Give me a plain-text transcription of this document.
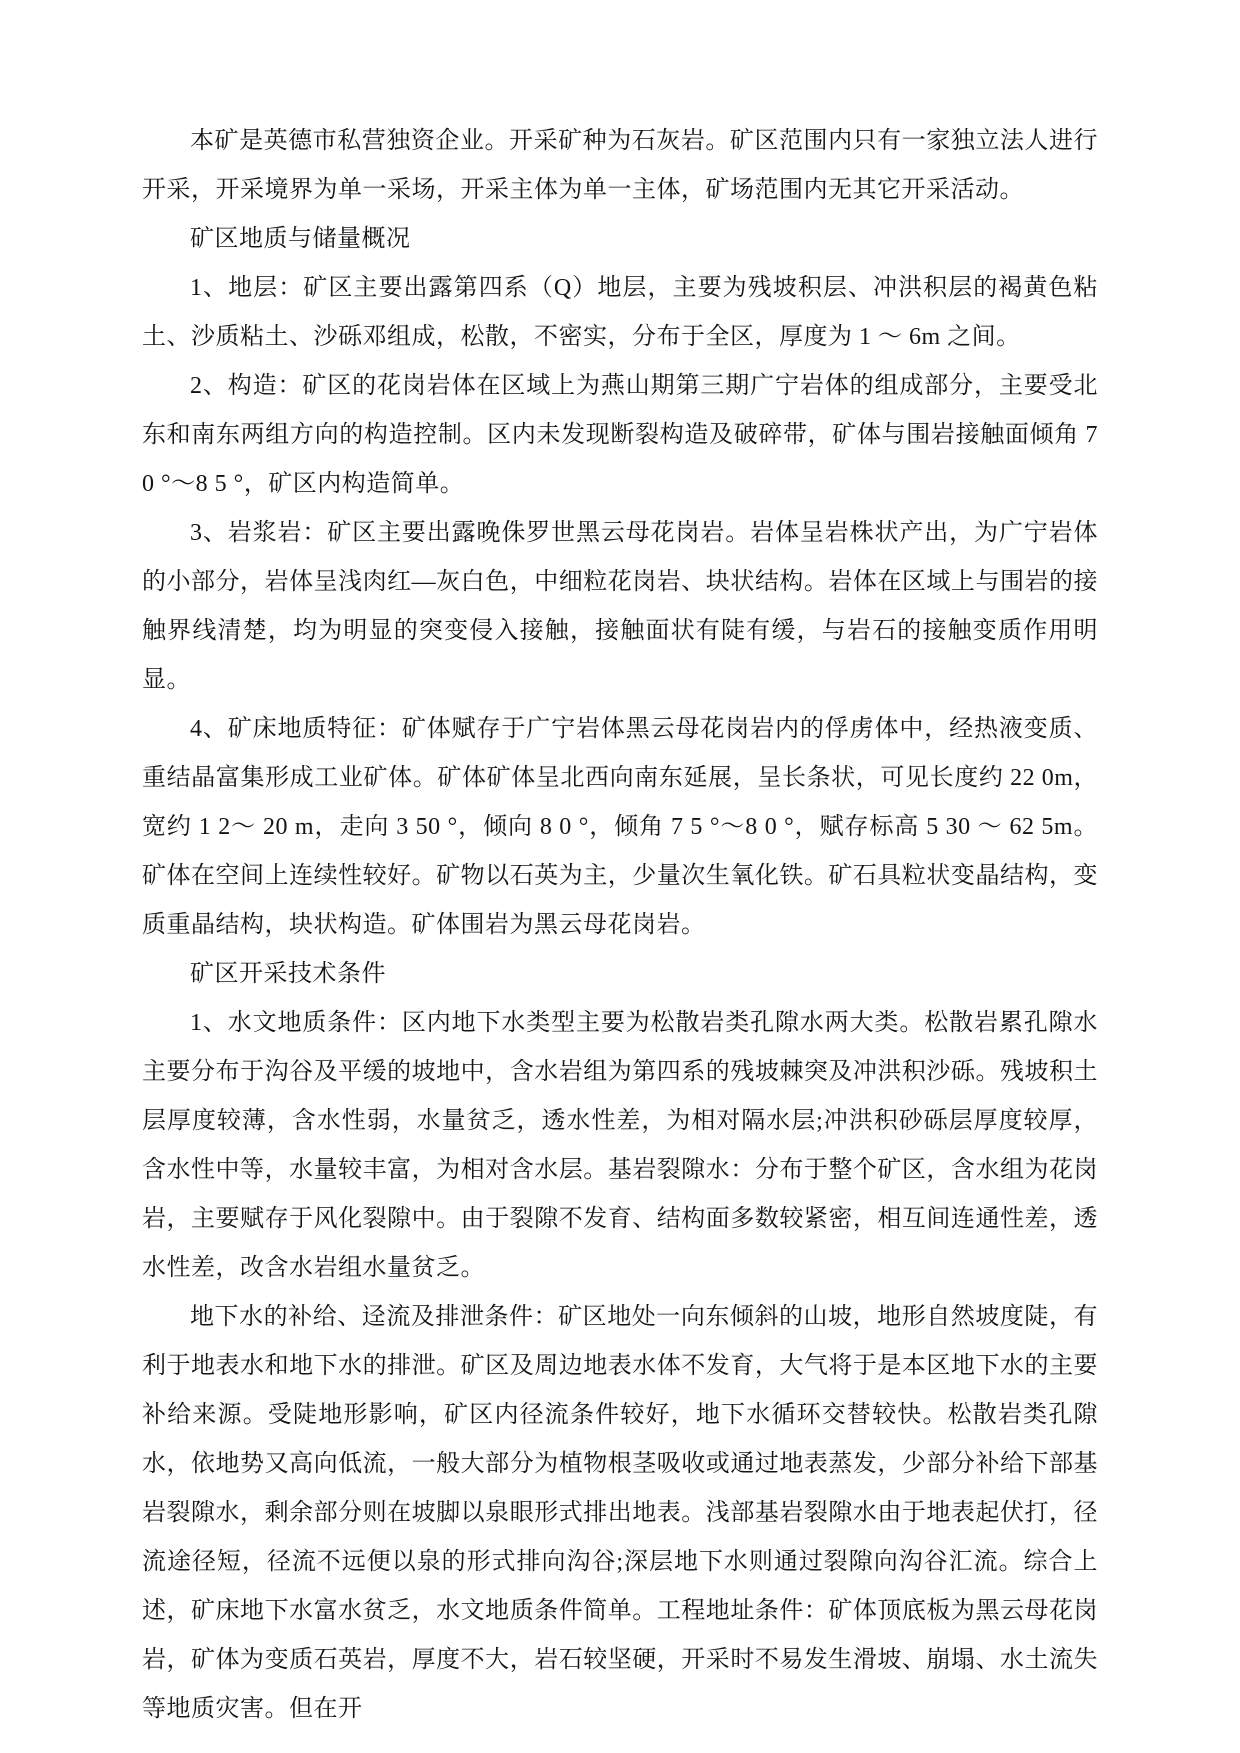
本矿是英德市私营独资企业。开采矿种为石灰岩。矿区范围内只有一家独立法人进行开采，开采境界为单一采场，开采主体为单一主体，矿场范围内无其它开采活动。

矿区地质与储量概况

1、地层：矿区主要出露第四系（Q）地层，主要为残坡积层、冲洪积层的褐黄色粘土、沙质粘土、沙砾邓组成，松散，不密实，分布于全区，厚度为 1 ～ 6m 之间。

2、构造：矿区的花岗岩体在区域上为燕山期第三期广宁岩体的组成部分，主要受北东和南东两组方向的构造控制。区内未发现断裂构造及破碎带，矿体与围岩接触面倾角 7 0 °～8 5 °，矿区内构造简单。

3、岩浆岩：矿区主要出露晚侏罗世黑云母花岗岩。岩体呈岩株状产出，为广宁岩体的小部分，岩体呈浅肉红—灰白色，中细粒花岗岩、块状结构。岩体在区域上与围岩的接触界线清楚，均为明显的突变侵入接触，接触面状有陡有缓，与岩石的接触变质作用明显。

4、矿床地质特征：矿体赋存于广宁岩体黑云母花岗岩内的俘虏体中，经热液变质、重结晶富集形成工业矿体。矿体矿体呈北西向南东延展，呈长条状，可见长度约 22 0m，宽约 1 2～ 20 m，走向 3 50 °，倾向 8 0 °，倾角 7 5 °～8 0 °，赋存标高 5 30 ～ 62 5m。矿体在空间上连续性较好。矿物以石英为主，少量次生氧化铁。矿石具粒状变晶结构，变质重晶结构，块状构造。矿体围岩为黑云母花岗岩。

矿区开采技术条件

1、水文地质条件：区内地下水类型主要为松散岩类孔隙水两大类。松散岩累孔隙水主要分布于沟谷及平缓的坡地中，含水岩组为第四系的残坡棘突及冲洪积沙砾。残坡积土层厚度较薄，含水性弱，水量贫乏，透水性差，为相对隔水层;冲洪积砂砾层厚度较厚，含水性中等，水量较丰富，为相对含水层。基岩裂隙水：分布于整个矿区，含水组为花岗岩，主要赋存于风化裂隙中。由于裂隙不发育、结构面多数较紧密，相互间连通性差，透水性差，改含水岩组水量贫乏。

地下水的补给、迳流及排泄条件：矿区地处一向东倾斜的山坡，地形自然坡度陡，有利于地表水和地下水的排泄。矿区及周边地表水体不发育，大气将于是本区地下水的主要补给来源。受陡地形影响，矿区内径流条件较好，地下水循环交替较快。松散岩类孔隙水，依地势又高向低流，一般大部分为植物根茎吸收或通过地表蒸发，少部分补给下部基岩裂隙水，剩余部分则在坡脚以泉眼形式排出地表。浅部基岩裂隙水由于地表起伏打，径流途径短，径流不远便以泉的形式排向沟谷;深层地下水则通过裂隙向沟谷汇流。综合上述，矿床地下水富水贫乏，水文地质条件简单。工程地址条件：矿体顶底板为黑云母花岗岩，矿体为变质石英岩，厚度不大，岩石较坚硬，开采时不易发生滑坡、崩塌、水土流失等地质灾害。但在开
